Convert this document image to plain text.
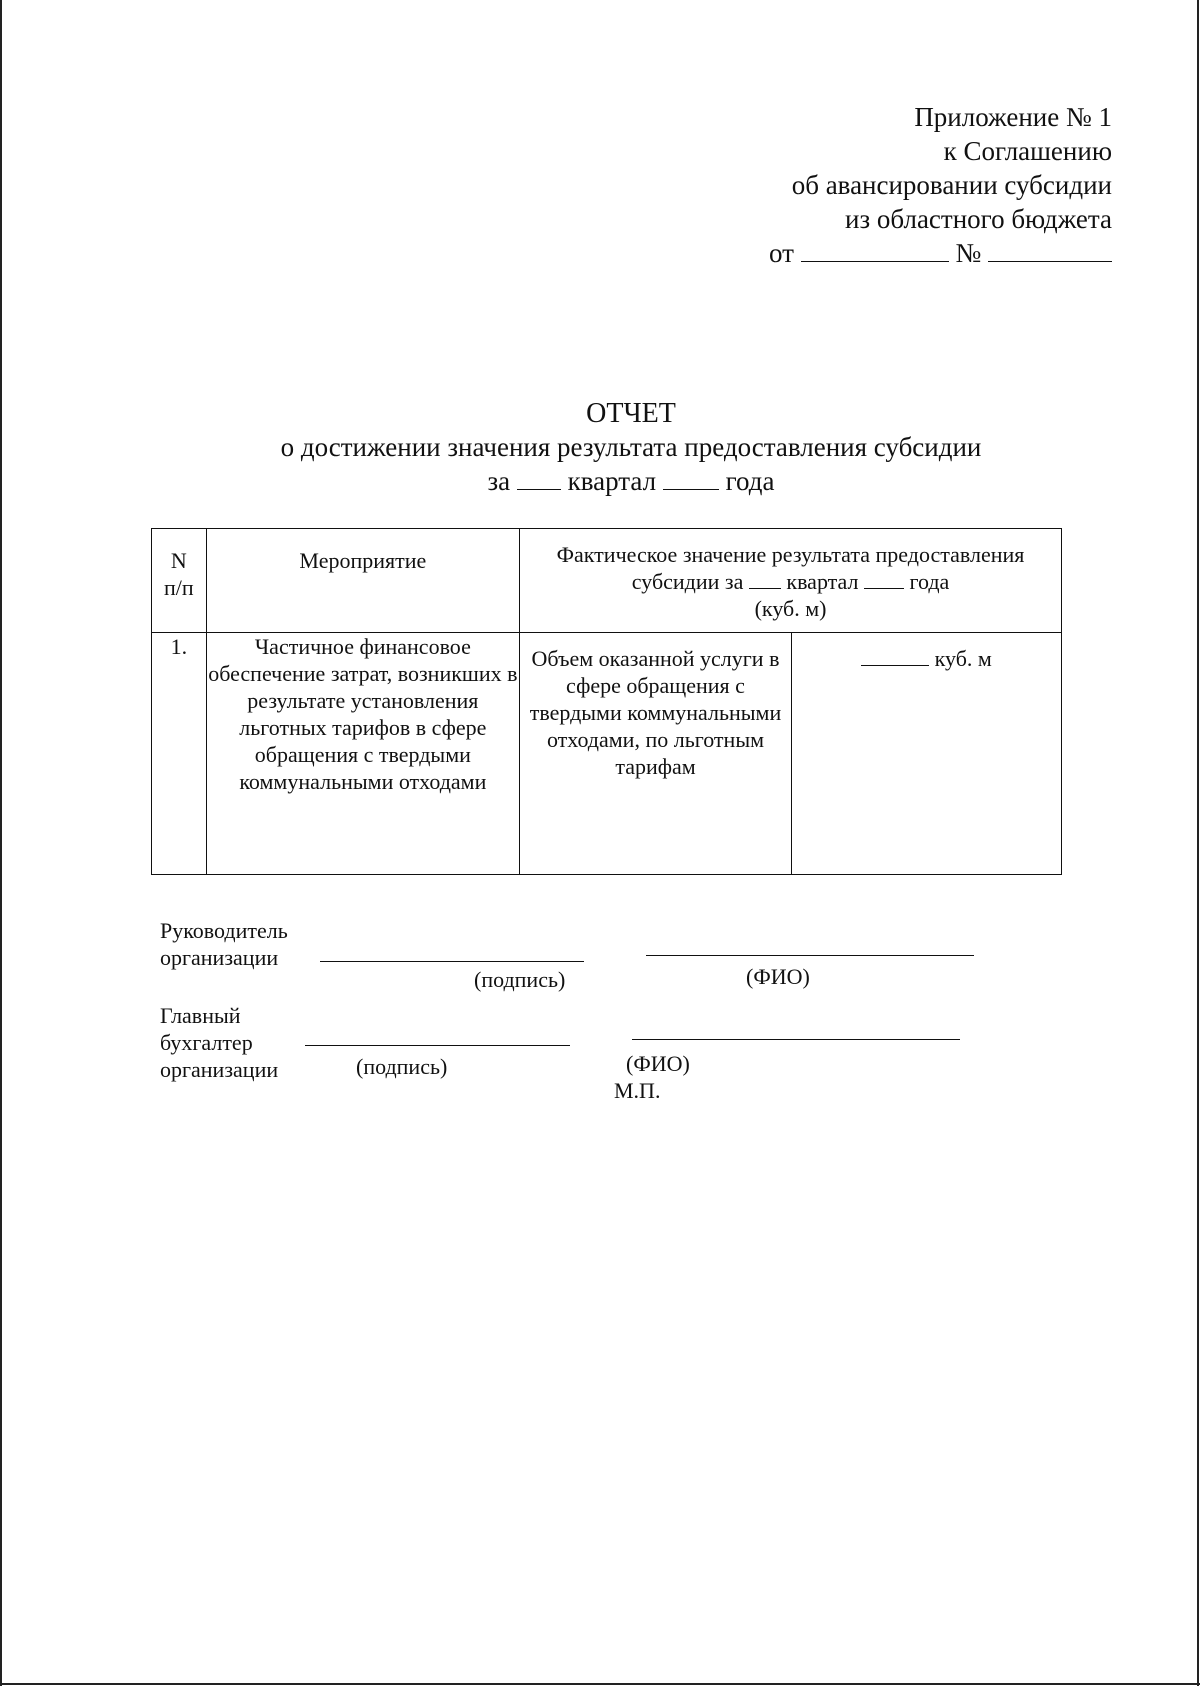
Приложение № 1
к Соглашению
об авансировании субсидии
из областного бюджета
от	№
ОТЧЕТ
о достижении значения результата предоставления субсидии
за квартал	года
N
п/п	Мероприятие	Фактическое значение результата предоставления
субсидии за квартал года
(куб. м)	
1.	Частичное финансовое обеспечение затрат, возникших в результате установления льготных тарифов в сфере обращения с твердыми коммунальными отходами	Объем оказанной услуги в сфере обращения с твердыми коммунальными отходами, по льготным тарифам	куб. м
Руководитель
организации
(подпись)	(ФИО)
Главный
бухгалтер
организации	(подпись)	(ФИО)
М.П.
